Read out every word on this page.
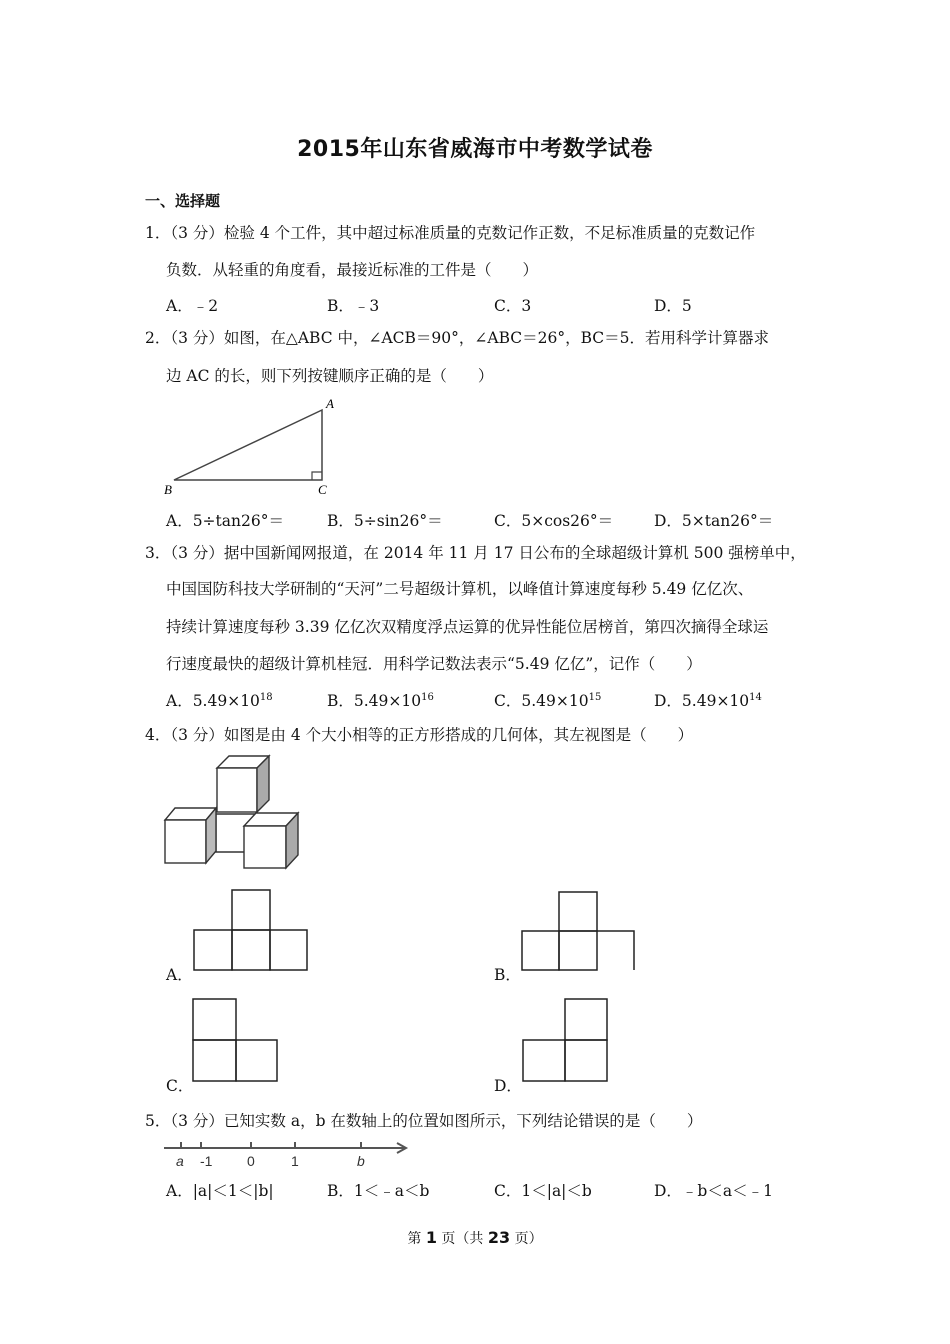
2015年山东省威海市中考数学试卷
一、选择题
1．（3 分）检验 4 个工件，其中超过标准质量的克数记作正数，不足标准质量的克数记作
负数．从轻重的角度看，最接近标准的工件是（　　）
A．﹣2	B．﹣3	C．3	D．5
2．（3 分）如图，在△ABC 中，∠ACB＝90°，∠ABC＝26°，BC＝5．若用科学计算器求
边 AC 的长，则下列按键顺序正确的是（　　）
A
B	C
A．5÷tan26°＝	B．5÷sin26°＝	C．5×cos26°＝	D．5×tan26°＝
3．（3 分）据中国新闻网报道，在 2014 年 11 月 17 日公布的全球超级计算机 500 强榜单中，
中国国防科技大学研制的“天河”二号超级计算机，以峰值计算速度每秒 5.49 亿亿次、
持续计算速度每秒 3.39 亿亿次双精度浮点运算的优异性能位居榜首，第四次摘得全球运
行速度最快的超级计算机桂冠．用科学记数法表示“5.49 亿亿”，记作（　　）
A．$5.49\times 10^{18}$	B．$5.49\times 10^{16}$	C．$5.49\times 10^{15}$	D．$5.49\times 10^{14}$
4．（3 分）如图是由 4 个大小相等的正方形搭成的几何体，其左视图是（　　）
A．	B．
C．	D．
5．（3 分）已知实数 a，b 在数轴上的位置如图所示，下列结论错误的是（　　）
a -1 0	1	b
A．|a|＜1＜|b|	B．1＜﹣a＜b	C．1＜|a|＜b	D．﹣b＜a＜﹣1
第 1 页（共 23 页）
